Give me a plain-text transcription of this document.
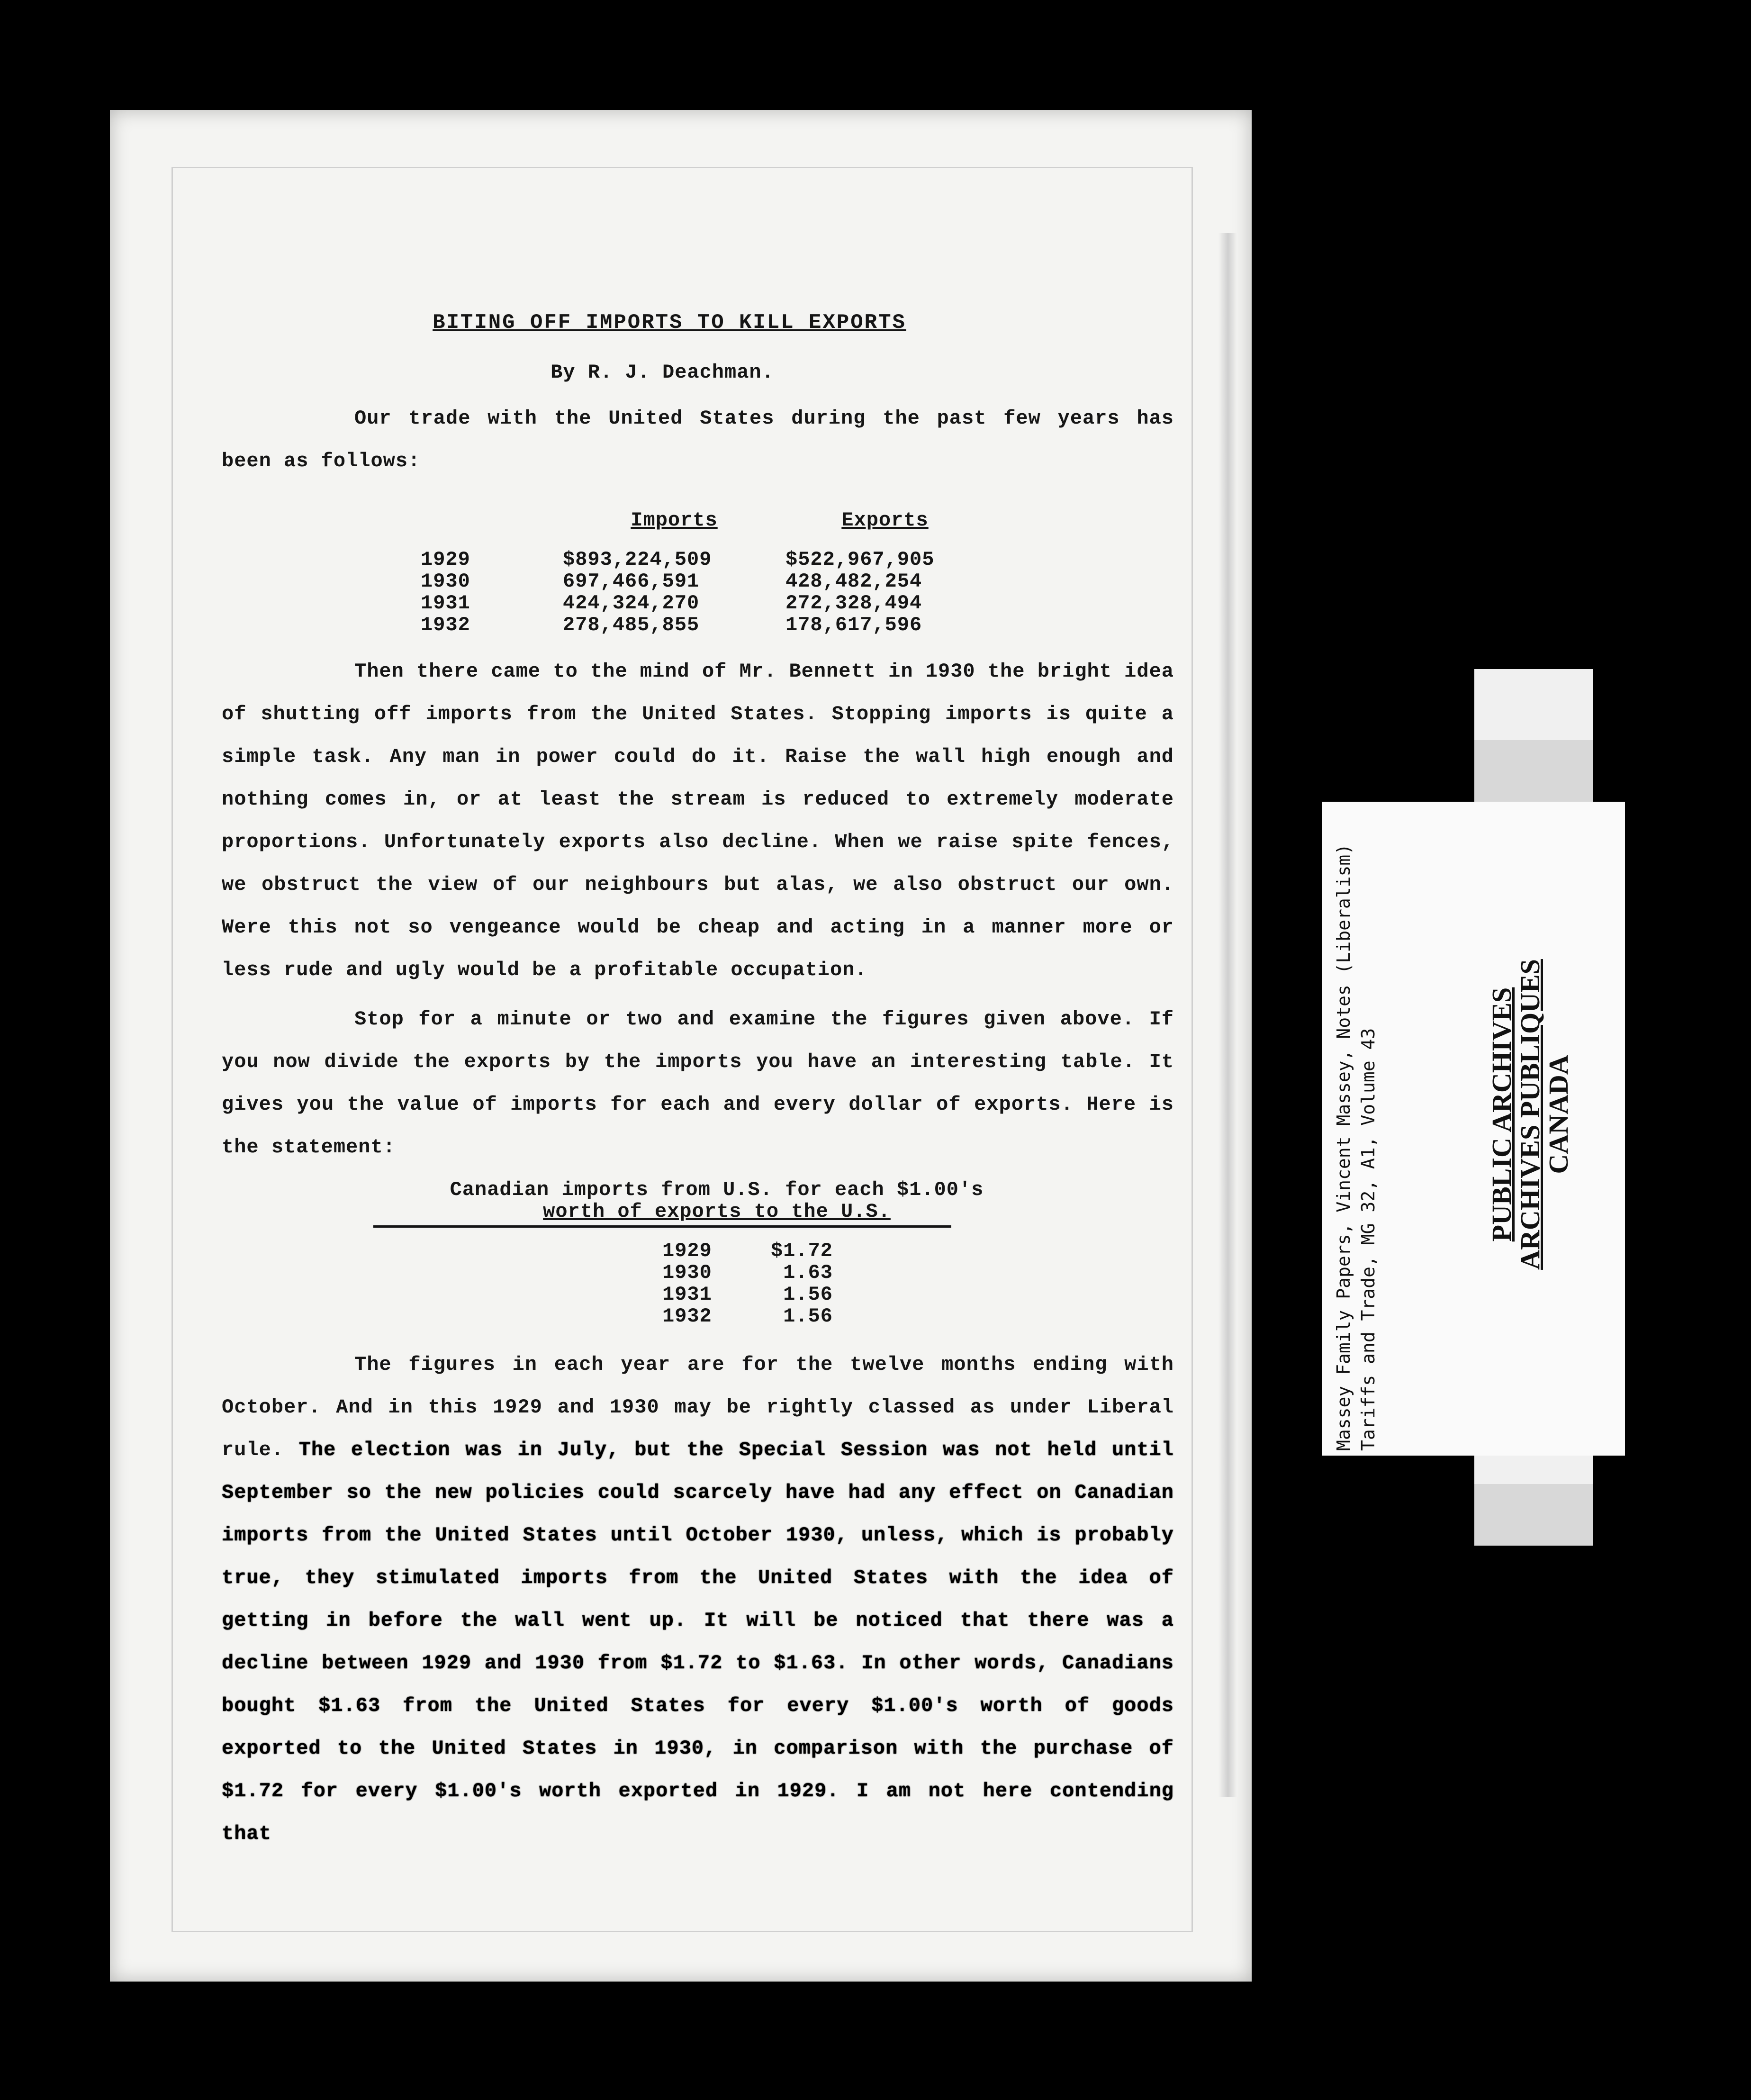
BITING OFF IMPORTS TO KILL EXPORTS
By R. J. Deachman.

Our trade with the United States during the past few years has been as follows:

	Imports	Exports
1929	$893,224,509	$522,967,905
1930	697,466,591	428,482,254
1931	424,324,270	272,328,494
1932	278,485,855	178,617,596

Then there came to the mind of Mr. Bennett in 1930 the bright idea of shutting off imports from the United States. Stopping imports is quite a simple task. Any man in power could do it. Raise the wall high enough and nothing comes in, or at least the stream is reduced to extremely moderate proportions. Unfortunately exports also decline. When we raise spite fences, we obstruct the view of our neighbours but alas, we also obstruct our own. Were this not so vengeance would be cheap and acting in a manner more or less rude and ugly would be a profitable occupation.

Stop for a minute or two and examine the figures given above. If you now divide the exports by the imports you have an interesting table. It gives you the value of imports for each and every dollar of exports. Here is the statement:

Canadian imports from U.S. for each $1.00's
worth of exports to the U.S.
1929	$1.72
1930	1.63
1931	1.56
1932	1.56

The figures in each year are for the twelve months ending with October. And in this 1929 and 1930 may be rightly classed as under Liberal rule. The election was in July, but the Special Session was not held until September so the new policies could scarcely have had any effect on Canadian imports from the United States until October 1930, unless, which is probably true, they stimulated imports from the United States with the idea of getting in before the wall went up. It will be noticed that there was a decline between 1929 and 1930 from $1.72 to $1.63. In other words, Canadians bought $1.63 from the United States for every $1.00's worth of goods exported to the United States in 1930, in comparison with the purchase of $1.72 for every $1.00's worth exported in 1929. I am not here contending that

Massey Family Papers, Vincent Massey, Notes (Liberalism) Tariffs and Trade, MG 32, A1, Volume 43	PUBLIC ARCHIVES
ARCHIVES PUBLIQUES
CANADA
